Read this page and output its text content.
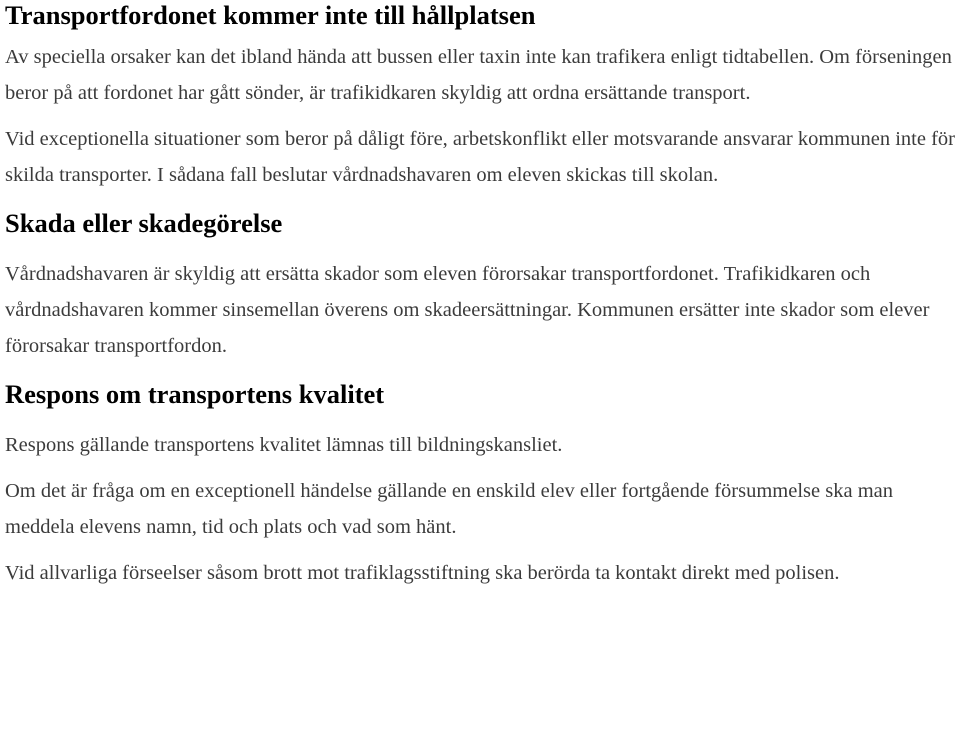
Transportfordonet kommer inte till hållplatsen

Av speciella orsaker kan det ibland hända att bussen eller taxin inte kan trafikera enligt tidtabellen. Om förseningen beror på att fordonet har gått sönder, är trafikidkaren skyldig att ordna ersättande transport.

Vid exceptionella situationer som beror på dåligt före, arbetskonflikt eller motsvarande ansvarar kommunen inte för skilda transporter. I sådana fall beslutar vårdnadshavaren om eleven skickas till skolan.

Skada eller skadegörelse

Vårdnadshavaren är skyldig att ersätta skador som eleven förorsakar transportfordonet. Trafikidkaren och vårdnadshavaren kommer sinsemellan överens om skadeersättningar. Kommunen ersätter inte skador som elever förorsakar transportfordon.

Respons om transportens kvalitet

Respons gällande transportens kvalitet lämnas till bildningskansliet.

Om det är fråga om en exceptionell händelse gällande en enskild elev eller fortgående försummelse ska man meddela elevens namn, tid och plats och vad som hänt.

Vid allvarliga förseelser såsom brott mot trafiklagsstiftning ska berörda ta kontakt direkt med polisen.
